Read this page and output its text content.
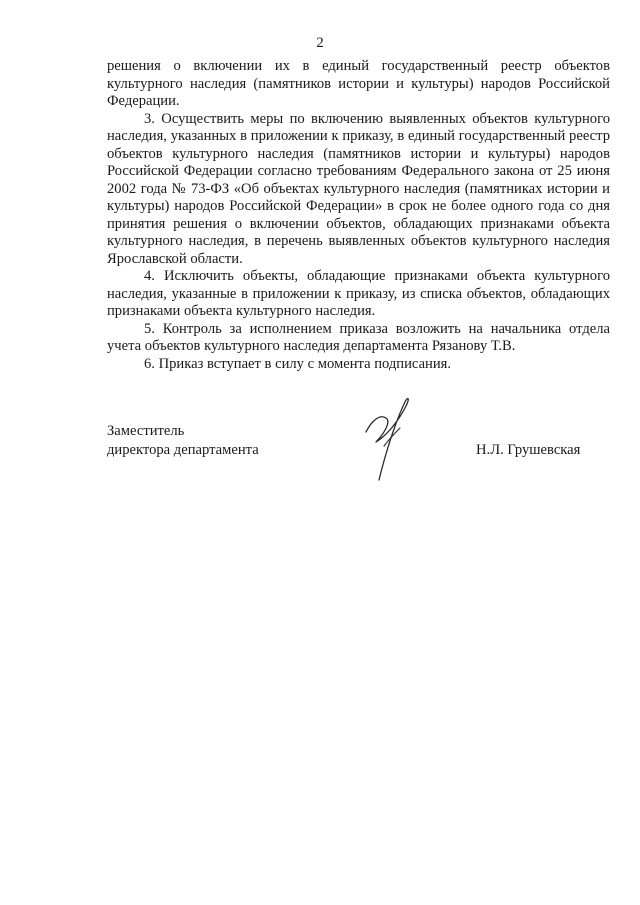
2

решения о включении их в единый государственный реестр объектов культурного наследия (памятников истории и культуры) народов Российской Федерации.

3. Осуществить меры по включению выявленных объектов культурного наследия, указанных в приложении к приказу, в единый государственный реестр объектов культурного наследия (памятников истории и культуры) народов Российской Федерации согласно требованиям Федерального закона от 25 июня 2002 года № 73-ФЗ «Об объектах культурного наследия (памятниках истории и культуры) народов Российской Федерации» в срок не более одного года со дня принятия решения о включении объектов, обладающих признаками объекта культурного наследия, в перечень выявленных объектов культурного наследия Ярославской области.

4. Исключить объекты, обладающие признаками объекта культурного наследия, указанные в приложении к приказу, из списка объектов, обладающих признаками объекта культурного наследия.

5. Контроль за исполнением приказа возложить на начальника отдела учета объектов культурного наследия департамента Рязанову Т.В.

6. Приказ вступает в силу с момента подписания.

Заместитель
директора департамента	Н.Л. Грушевская
